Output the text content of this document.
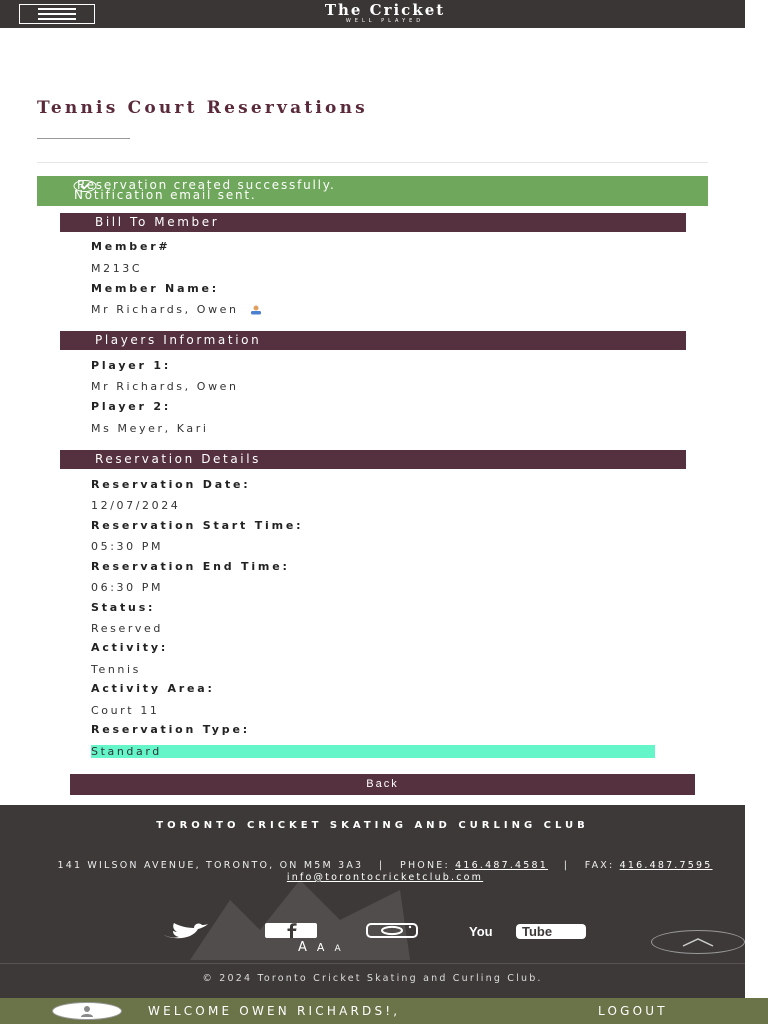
The Cricket
WELL PLAYED
Tennis Court Reservations
Reservation created successfully.
Notification email sent.
Bill To Member
Member#
M213C
Member Name:
Mr Richards, Owen
Players Information
Player 1:
Mr Richards, Owen
Player 2:
Ms Meyer, Kari
Reservation Details
Reservation Date:
12/07/2024
Reservation Start Time:
05:30 PM
Reservation End Time:
06:30 PM
Status:
Reserved
Activity:
Tennis
Activity Area:
Court 11
Reservation Type:
Standard
Back
TORONTO CRICKET SKATING AND CURLING CLUB
141 WILSON AVENUE, TORONTO, ON M5M 3A3   |   PHONE: 416.487.4581   |   FAX: 416.487.7595
info@torontocricketclub.com
You Tube
AAA
© 2024 Toronto Cricket Skating and Curling Club.
WELCOME OWEN RICHARDS!,	LOGOUT
